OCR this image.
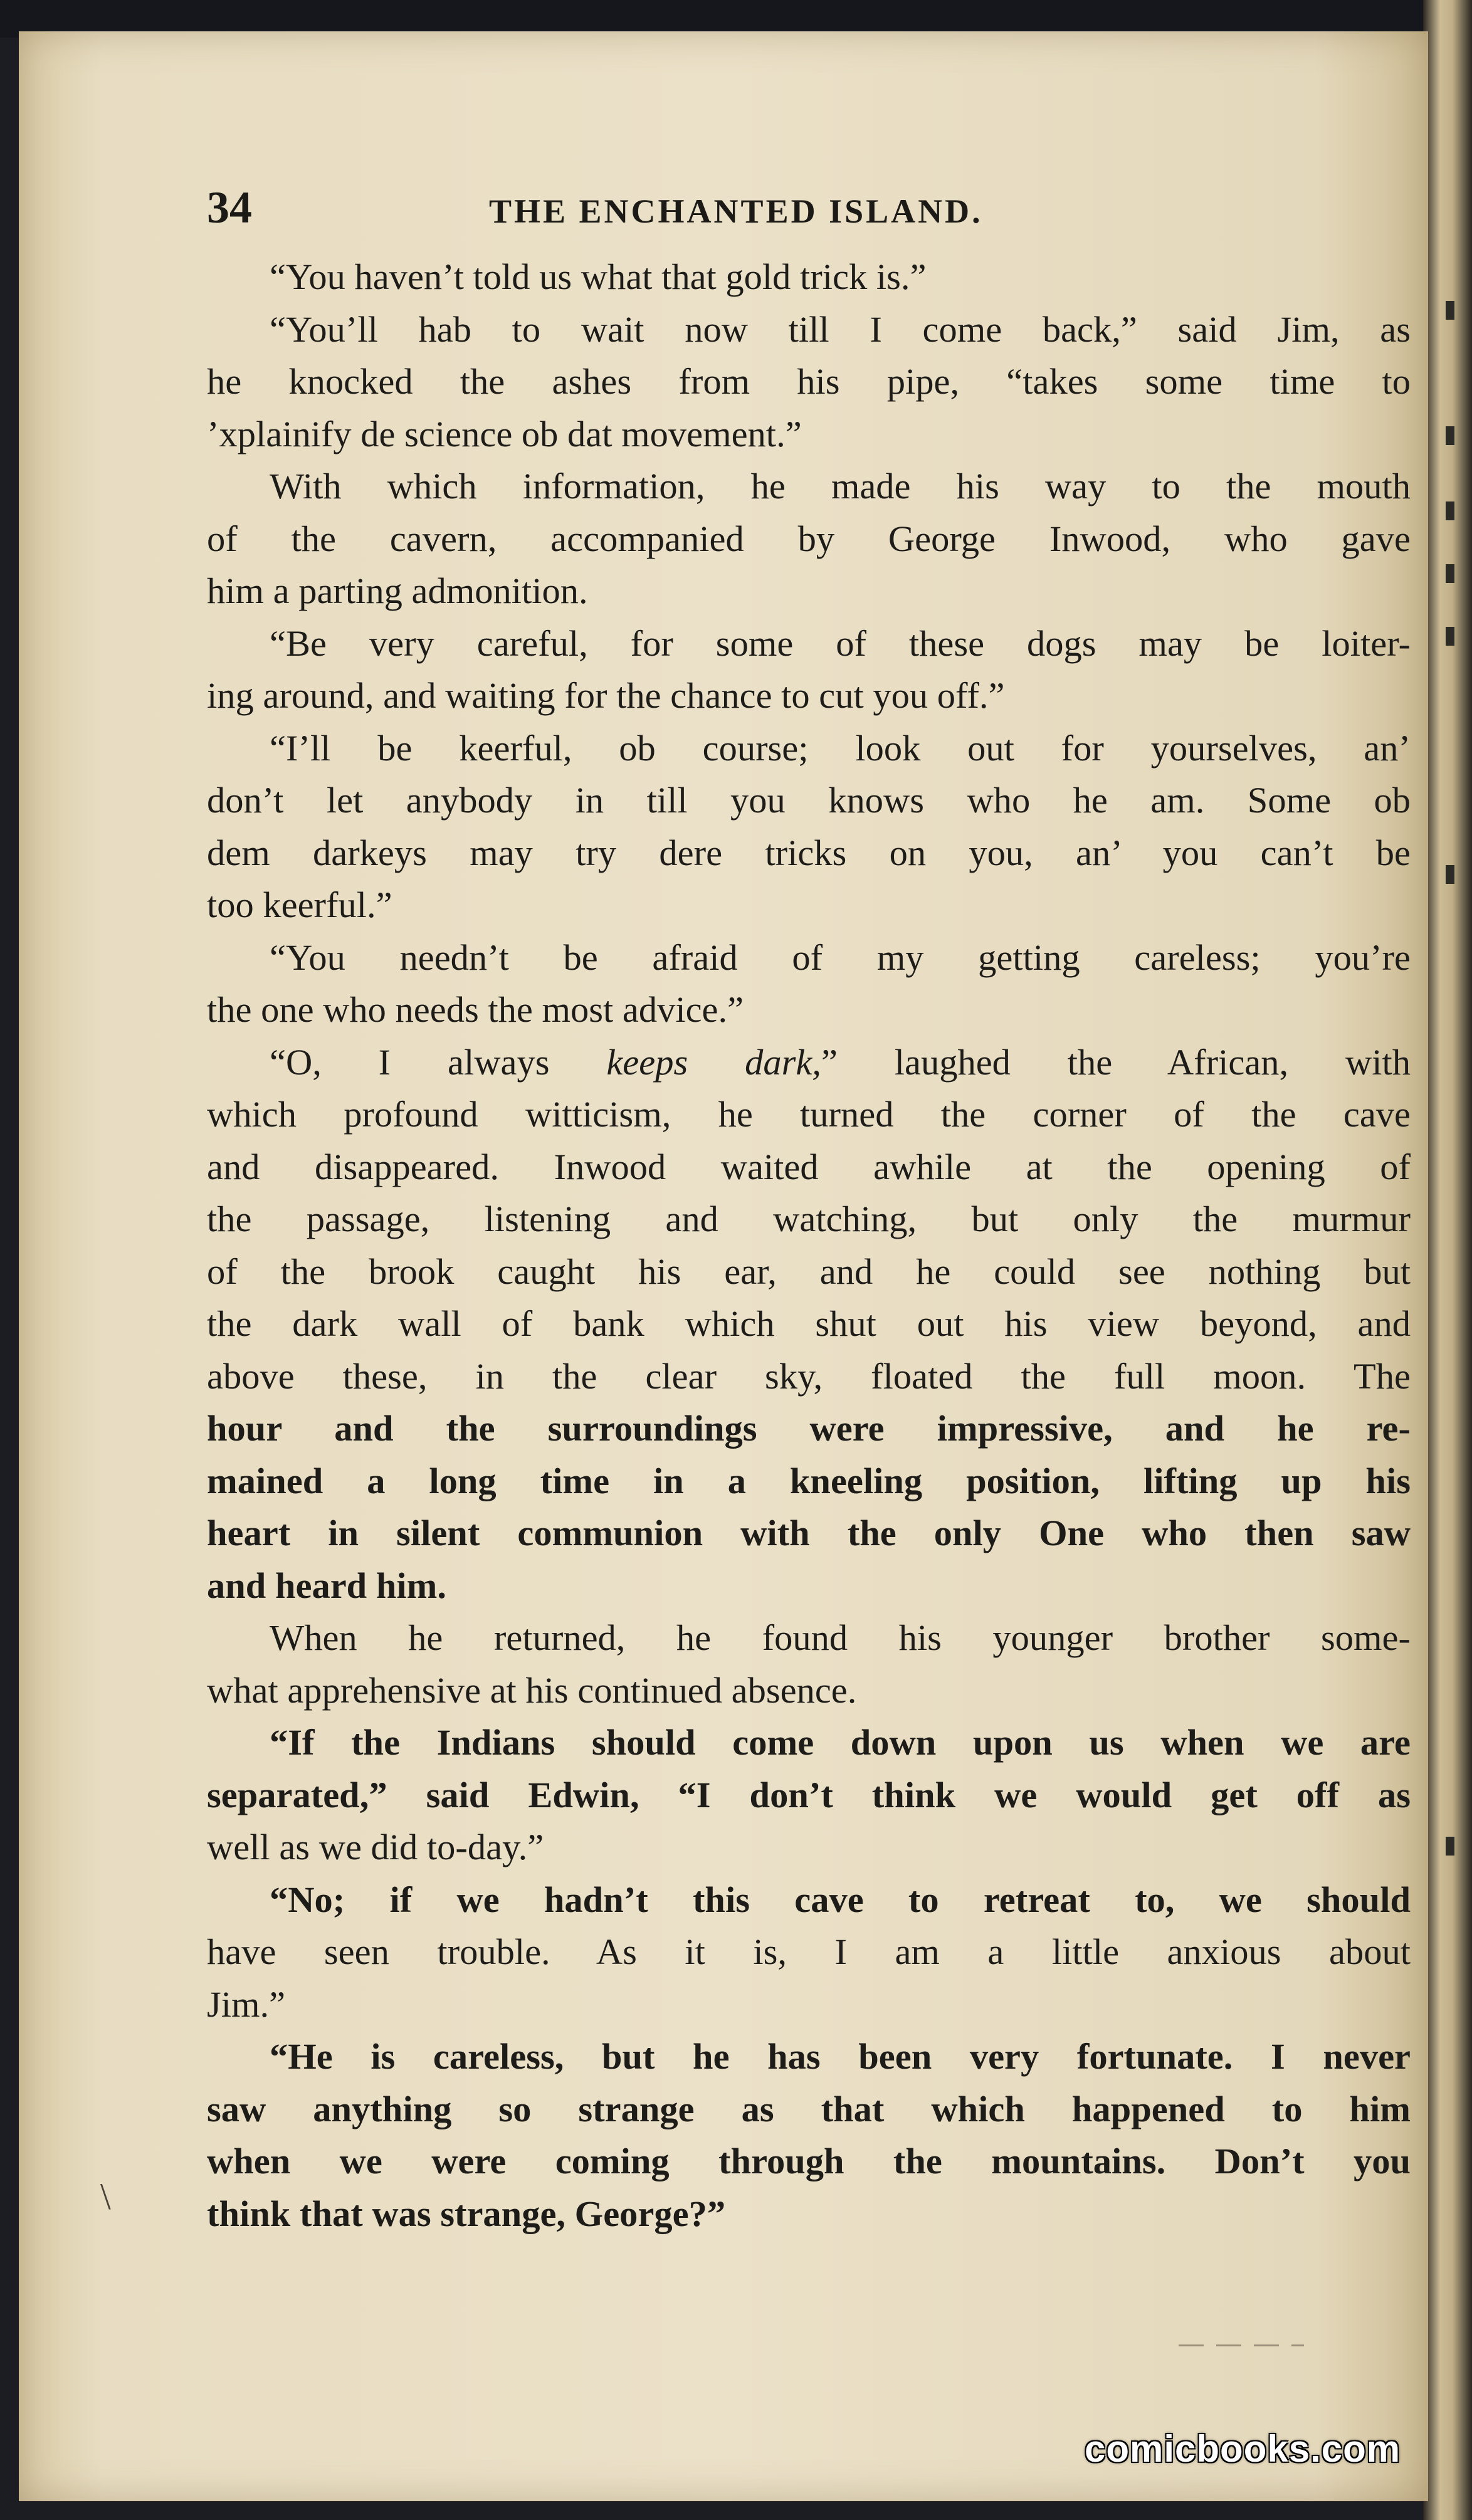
34	THE ENCHANTED ISLAND.
“You haven’t told us what that gold trick is.”
“You’ll hab to wait now till I come back,” said Jim, as
he knocked the ashes from his pipe, “takes some time to
’xplainify de science ob dat movement.”
With which information, he made his way to the mouth
of the cavern, accompanied by George Inwood, who gave
him a parting admonition.
“Be very careful, for some of these dogs may be loiter-
ing around, and waiting for the chance to cut you off.”
“I’ll be keerful, ob course; look out for yourselves, an’
don’t let anybody in till you knows who he am. Some ob
dem darkeys may try dere tricks on you, an’ you can’t be
too keerful.”
“You needn’t be afraid of my getting careless; you’re
the one who needs the most advice.”
“O, I always keeps dark,” laughed the African, with
which profound witticism, he turned the corner of the cave
and disappeared. Inwood waited awhile at the opening of
the passage, listening and watching, but only the murmur
of the brook caught his ear, and he could see nothing but
the dark wall of bank which shut out his view beyond, and
above these, in the clear sky, floated the full moon. The
hour and the surroundings were impressive, and he re-
mained a long time in a kneeling position, lifting up his
heart in silent communion with the only One who then saw
and heard him.
When he returned, he found his younger brother some-
what apprehensive at his continued absence.
“If the Indians should come down upon us when we are
separated,” said Edwin, “I don’t think we would get off as
well as we did to-day.”
“No; if we hadn’t this cave to retreat to, we should
have seen trouble. As it is, I am a little anxious about
Jim.”
“He is careless, but he has been very fortunate. I never
saw anything so strange as that which happened to him
when we were coming through the mountains. Don’t you
think that was strange, George?”
\
comicbooks.com
